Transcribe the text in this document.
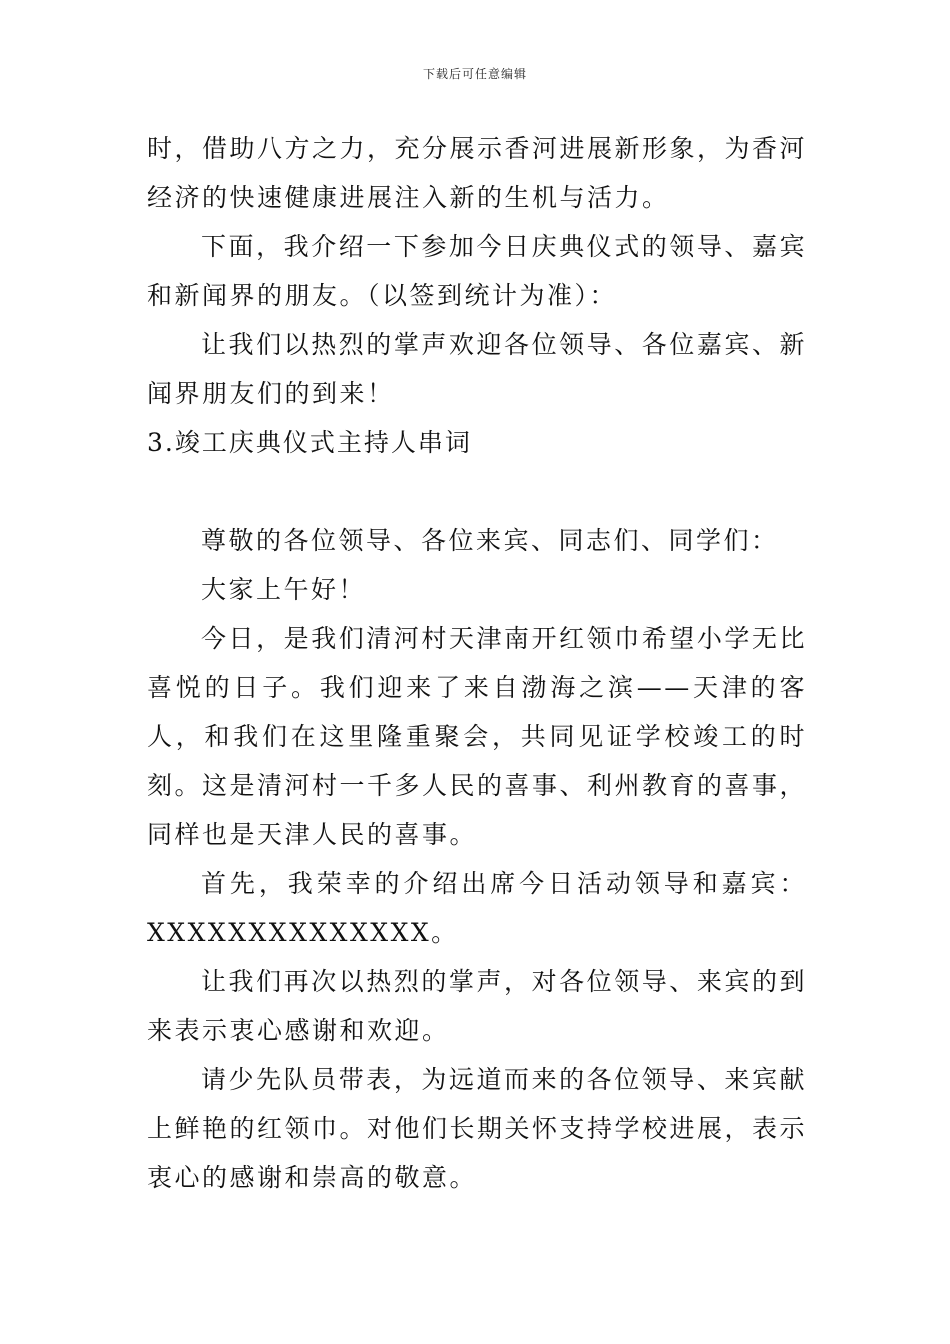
下载后可任意编辑

时，借助八方之力，充分展示香河进展新形象，为香河经济的快速健康进展注入新的生机与活力。

下面，我介绍一下参加今日庆典仪式的领导、嘉宾和新闻界的朋友。（以签到统计为准）：

让我们以热烈的掌声欢迎各位领导、各位嘉宾、新闻界朋友们的到来！

3.竣工庆典仪式主持人串词

尊敬的各位领导、各位来宾、同志们、同学们：

大家上午好！

今日，是我们清河村天津南开红领巾希望小学无比喜悦的日子。我们迎来了来自渤海之滨——天津的客人，和我们在这里隆重聚会，共同见证学校竣工的时刻。这是清河村一千多人民的喜事、利州教育的喜事，同样也是天津人民的喜事。

首先，我荣幸的介绍出席今日活动领导和嘉宾：

XXXXXXXXXXXXXX。

让我们再次以热烈的掌声，对各位领导、来宾的到来表示衷心感谢和欢迎。

请少先队员带表，为远道而来的各位领导、来宾献上鲜艳的红领巾。对他们长期关怀支持学校进展，表示衷心的感谢和崇高的敬意。
